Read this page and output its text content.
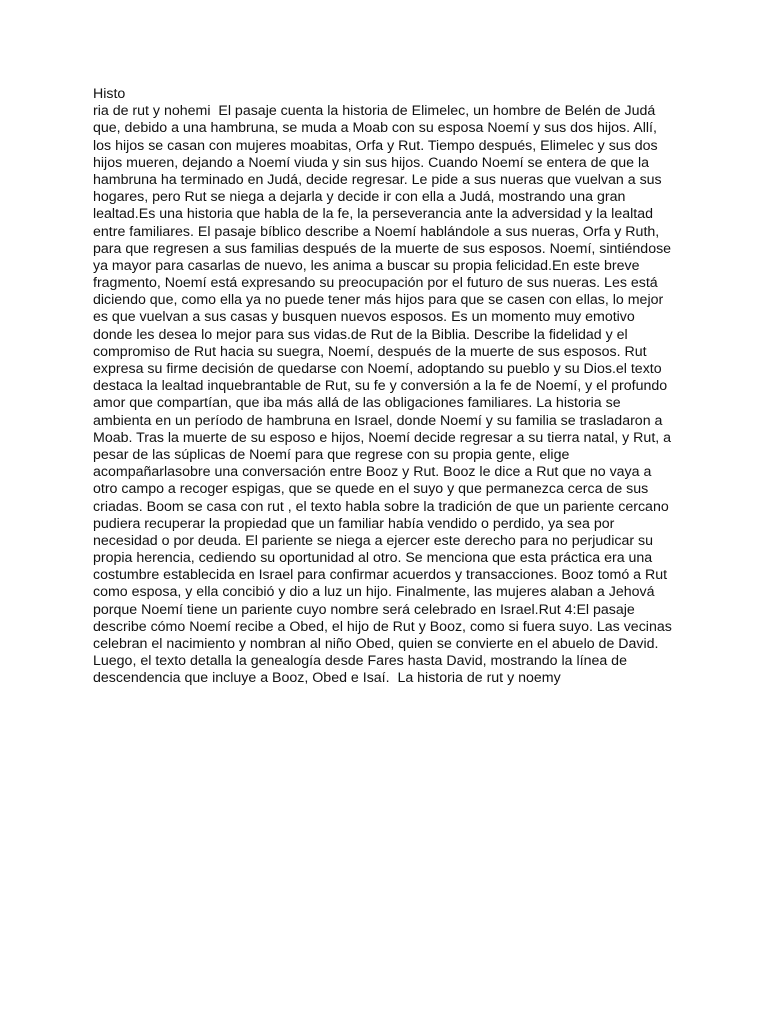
Histo
ria de rut y nohemi  El pasaje cuenta la historia de Elimelec, un hombre de Belén de Judá
que, debido a una hambruna, se muda a Moab con su esposa Noemí y sus dos hijos. Allí,
los hijos se casan con mujeres moabitas, Orfa y Rut. Tiempo después, Elimelec y sus dos
hijos mueren, dejando a Noemí viuda y sin sus hijos. Cuando Noemí se entera de que la
hambruna ha terminado en Judá, decide regresar. Le pide a sus nueras que vuelvan a sus
hogares, pero Rut se niega a dejarla y decide ir con ella a Judá, mostrando una gran
lealtad.Es una historia que habla de la fe, la perseverancia ante la adversidad y la lealtad
entre familiares. El pasaje bíblico describe a Noemí hablándole a sus nueras, Orfa y Ruth,
para que regresen a sus familias después de la muerte de sus esposos. Noemí, sintiéndose
ya mayor para casarlas de nuevo, les anima a buscar su propia felicidad.En este breve
fragmento, Noemí está expresando su preocupación por el futuro de sus nueras. Les está
diciendo que, como ella ya no puede tener más hijos para que se casen con ellas, lo mejor
es que vuelvan a sus casas y busquen nuevos esposos. Es un momento muy emotivo
donde les desea lo mejor para sus vidas.de Rut de la Biblia. Describe la fidelidad y el
compromiso de Rut hacia su suegra, Noemí, después de la muerte de sus esposos. Rut
expresa su firme decisión de quedarse con Noemí, adoptando su pueblo y su Dios.el texto
destaca la lealtad inquebrantable de Rut, su fe y conversión a la fe de Noemí, y el profundo
amor que compartían, que iba más allá de las obligaciones familiares. La historia se
ambienta en un período de hambruna en Israel, donde Noemí y su familia se trasladaron a
Moab. Tras la muerte de su esposo e hijos, Noemí decide regresar a su tierra natal, y Rut, a
pesar de las súplicas de Noemí para que regrese con su propia gente, elige
acompañarlasobre una conversación entre Booz y Rut. Booz le dice a Rut que no vaya a
otro campo a recoger espigas, que se quede en el suyo y que permanezca cerca de sus
criadas. Boom se casa con rut , el texto habla sobre la tradición de que un pariente cercano
pudiera recuperar la propiedad que un familiar había vendido o perdido, ya sea por
necesidad o por deuda. El pariente se niega a ejercer este derecho para no perjudicar su
propia herencia, cediendo su oportunidad al otro. Se menciona que esta práctica era una
costumbre establecida en Israel para confirmar acuerdos y transacciones. Booz tomó a Rut
como esposa, y ella concibió y dio a luz un hijo. Finalmente, las mujeres alaban a Jehová
porque Noemí tiene un pariente cuyo nombre será celebrado en Israel.Rut 4:El pasaje
describe cómo Noemí recibe a Obed, el hijo de Rut y Booz, como si fuera suyo. Las vecinas
celebran el nacimiento y nombran al niño Obed, quien se convierte en el abuelo de David.
Luego, el texto detalla la genealogía desde Fares hasta David, mostrando la línea de
descendencia que incluye a Booz, Obed e Isaí.  La historia de rut y noemy
